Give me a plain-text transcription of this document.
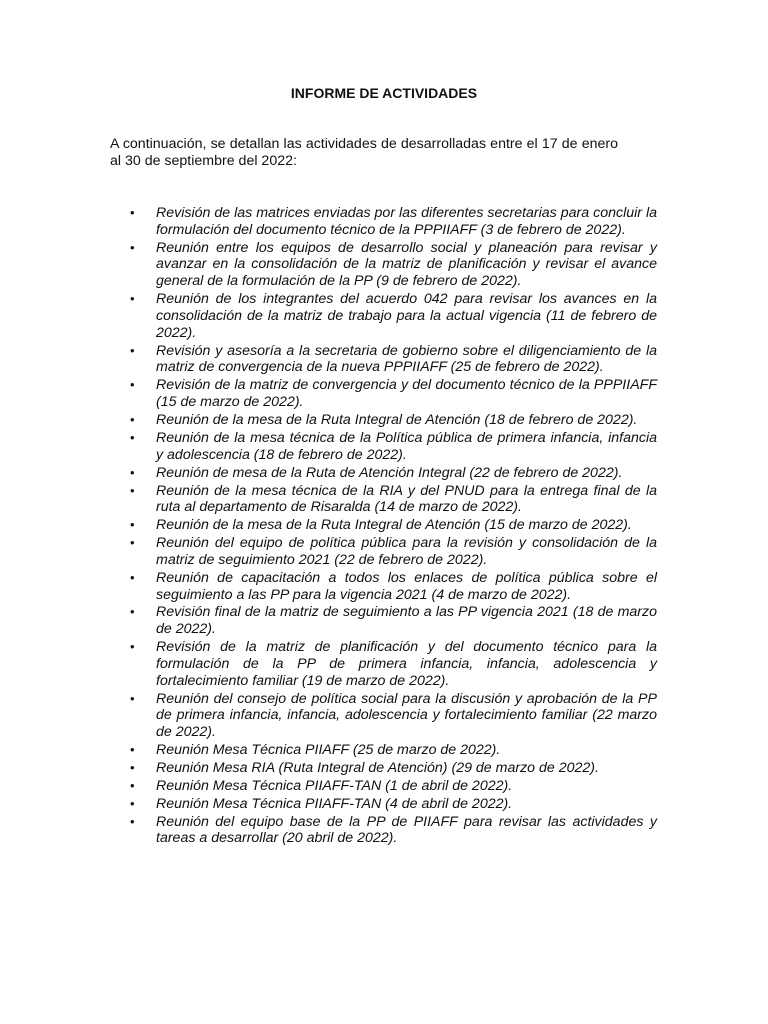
INFORME DE ACTIVIDADES
A continuación, se detallan las actividades de desarrolladas entre el 17 de enero al 30 de septiembre del 2022:
• Revisión de las matrices enviadas por las diferentes secretarias para concluir la formulación del documento técnico de la PPPIIAFF (3 de febrero de 2022).
• Reunión entre los equipos de desarrollo social y planeación para revisar y avanzar en la consolidación de la matriz de planificación y revisar el avance general de la formulación de la PP (9 de febrero de 2022).
• Reunión de los integrantes del acuerdo 042 para revisar los avances en la consolidación de la matriz de trabajo para la actual vigencia (11 de febrero de 2022).
• Revisión y asesoría a la secretaria de gobierno sobre el diligenciamiento de la matriz de convergencia de la nueva PPPIIAFF (25 de febrero de 2022).
• Revisión de la matriz de convergencia y del documento técnico de la PPPIIAFF (15 de marzo de 2022).
• Reunión de la mesa de la Ruta Integral de Atención (18 de febrero de 2022).
• Reunión de la mesa técnica de la Política pública de primera infancia, infancia y adolescencia (18 de febrero de 2022).
• Reunión de mesa de la Ruta de Atención Integral (22 de febrero de 2022).
• Reunión de la mesa técnica de la RIA y del PNUD para la entrega final de la ruta al departamento de Risaralda (14 de marzo de 2022).
• Reunión de la mesa de la Ruta Integral de Atención (15 de marzo de 2022).
• Reunión del equipo de política pública para la revisión y consolidación de la matriz de seguimiento 2021 (22 de febrero de 2022).
• Reunión de capacitación a todos los enlaces de política pública sobre el seguimiento a las PP para la vigencia 2021 (4 de marzo de 2022).
• Revisión final de la matriz de seguimiento a las PP vigencia 2021 (18 de marzo de 2022).
• Revisión de la matriz de planificación y del documento técnico para la formulación de la PP de primera infancia, infancia, adolescencia y fortalecimiento familiar (19 de marzo de 2022).
• Reunión del consejo de política social para la discusión y aprobación de la PP de primera infancia, infancia, adolescencia y fortalecimiento familiar (22 marzo de 2022).
• Reunión Mesa Técnica PIIAFF (25 de marzo de 2022).
• Reunión Mesa RIA (Ruta Integral de Atención) (29 de marzo de 2022).
• Reunión Mesa Técnica PIIAFF-TAN (1 de abril de 2022).
• Reunión Mesa Técnica PIIAFF-TAN (4 de abril de 2022).
• Reunión del equipo base de la PP de PIIAFF para revisar las actividades y tareas a desarrollar (20 abril de 2022).
